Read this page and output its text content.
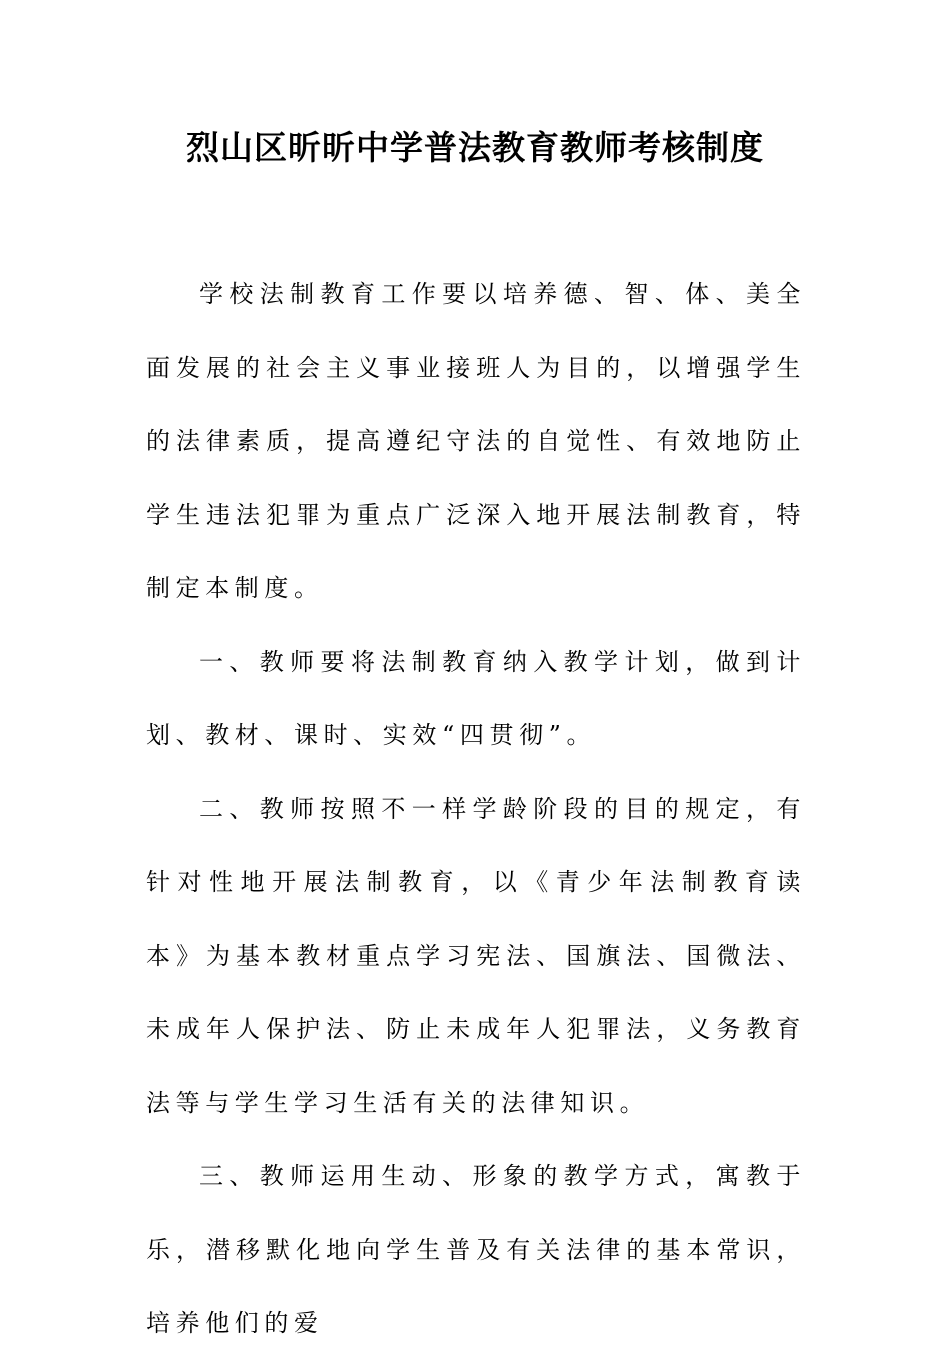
烈山区昕昕中学普法教育教师考核制度

学校法制教育工作要以培养德、智、体、美全面发展的社会主义事业接班人为目的，以增强学生的法律素质，提高遵纪守法的自觉性、有效地防止学生违法犯罪为重点广泛深入地开展法制教育，特制定本制度。

一、教师要将法制教育纳入教学计划，做到计划、教材、课时、实效“四贯彻”。

二、教师按照不一样学龄阶段的目的规定，有针对性地开展法制教育，以《青少年法制教育读本》为基本教材重点学习宪法、国旗法、国微法、未成年人保护法、防止未成年人犯罪法，义务教育法等与学生学习生活有关的法律知识。

三、教师运用生动、形象的教学方式，寓教于乐，潜移默化地向学生普及有关法律的基本常识，培养他们的爱
